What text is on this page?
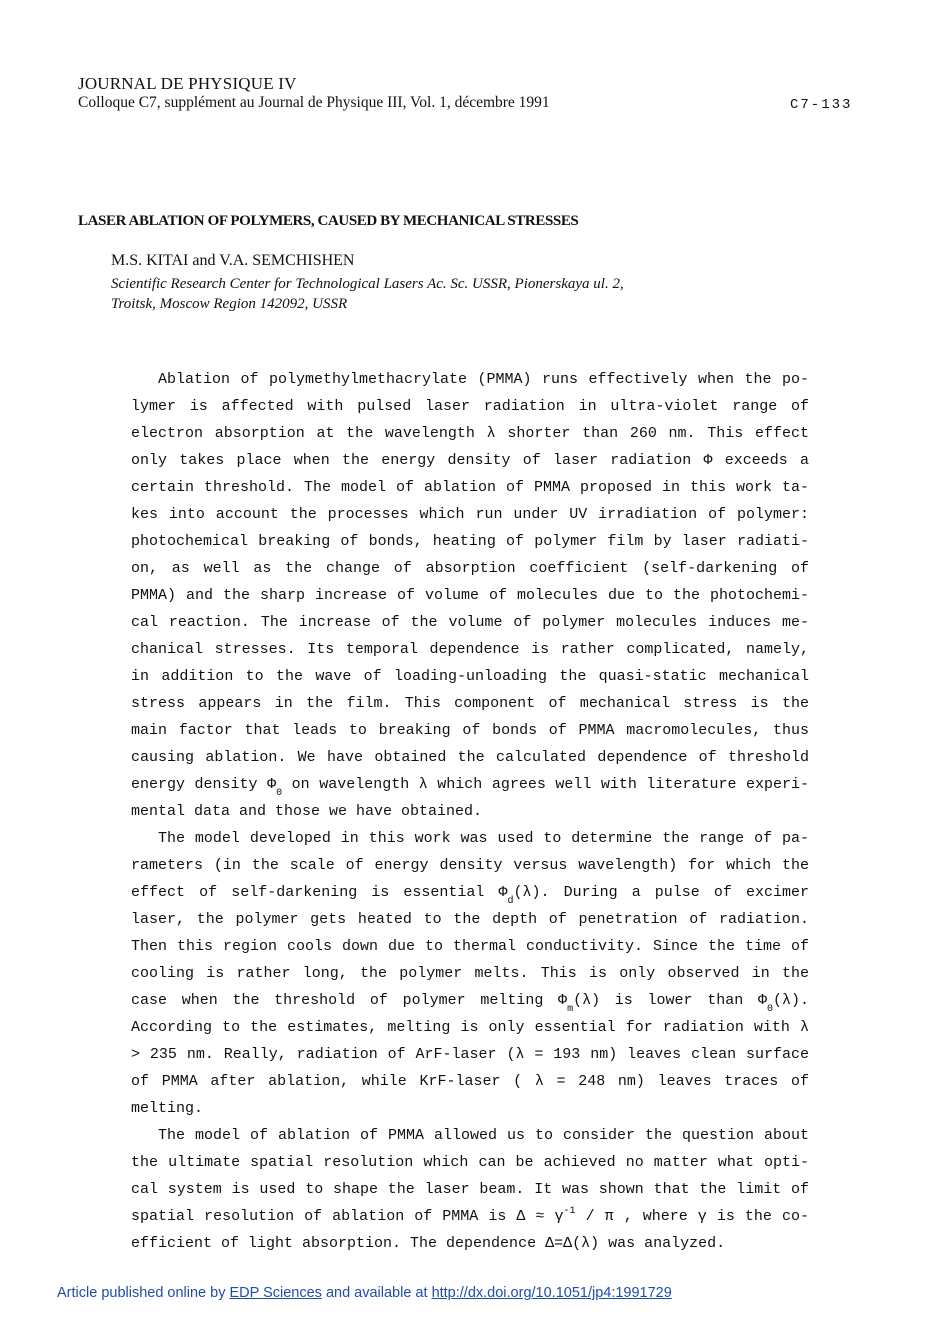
JOURNAL DE PHYSIQUE IV
Colloque C7, supplément au Journal de Physique III, Vol. 1, décembre 1991	C7-133
LASER ABLATION OF POLYMERS, CAUSED BY MECHANICAL STRESSES
M.S. KITAI and V.A. SEMCHISHEN
Scientific Research Center for Technological Lasers Ac. Sc. USSR, Pionerskaya ul. 2,
Troitsk, Moscow Region 142092, USSR
Ablation of polymethylmethacrylate (PMMA) runs effectively when the po-
lymer is affected with pulsed laser radiation in ultra-violet range of
electron absorption at the wavelength λ shorter than 260 nm. This effect
only takes place when the energy density of laser radiation Φ exceeds a
certain threshold. The model of ablation of PMMA proposed in this work ta-
kes into account the processes which run under UV irradiation of polymer:
photochemical breaking of bonds, heating of polymer film by laser radiati-
on, as well as the change of absorption coefficient (self-darkening of
PMMA) and the sharp increase of volume of molecules due to the photochemi-
cal reaction. The increase of the volume of polymer molecules induces me-
chanical stresses. Its temporal dependence is rather complicated, namely,
in addition to the wave of loading-unloading the quasi-static mechanical
stress appears in the film. This component of mechanical stress is the
main factor that leads to breaking of bonds of PMMA macromolecules, thus
causing ablation. We have obtained the calculated dependence of threshold
energy density $\Phi_0$ on wavelength λ which agrees well with literature experi-
mental data and those we have obtained.
The model developed in this work was used to determine the range of pa-
rameters (in the scale of energy density versus wavelength) for which the
effect of self-darkening is essential $\Phi_d(\lambda)$. During a pulse of excimer
laser, the polymer gets heated to the depth of penetration of radiation.
Then this region cools down due to thermal conductivity. Since the time of
cooling is rather long, the polymer melts. This is only observed in the
case when the threshold of polymer melting $\Phi_m(\lambda)$ is lower than $\Phi_0(\lambda)$.
According to the estimates, melting is only essential for radiation with λ
> 235 nm. Really, radiation of ArF-laser (λ = 193 nm) leaves clean surface
of PMMA after ablation, while KrF-laser ( λ = 248 nm) leaves traces of
melting.
The model of ablation of PMMA allowed us to consider the question about
the ultimate spatial resolution which can be achieved no matter what opti-
cal system is used to shape the laser beam. It was shown that the limit of
spatial resolution of ablation of PMMA is $\Delta \approx \gamma^{-1} / \pi$ , where γ is the co-
efficient of light absorption. The dependence Δ=Δ(λ) was analyzed.
Article published online by EDP Sciences and available at http://dx.doi.org/10.1051/jp4:1991729
